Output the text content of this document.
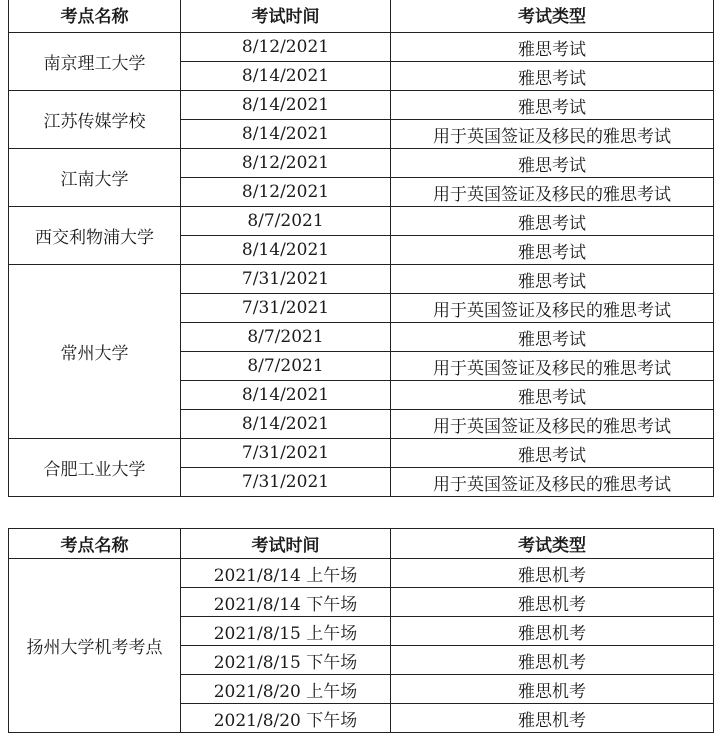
考点名称	考试时间	考试类型
南京理工大学	8/12/2021	雅思考试
	8/14/2021	雅思考试
江苏传媒学校	8/14/2021	雅思考试
	8/14/2021	用于英国签证及移民的雅思考试
江南大学	8/12/2021	雅思考试
	8/12/2021	用于英国签证及移民的雅思考试
西交利物浦大学	8/7/2021	雅思考试
	8/14/2021	雅思考试
常州大学	7/31/2021	雅思考试
	7/31/2021	用于英国签证及移民的雅思考试
	8/7/2021	雅思考试
	8/7/2021	用于英国签证及移民的雅思考试
	8/14/2021	雅思考试
	8/14/2021	用于英国签证及移民的雅思考试
合肥工业大学	7/31/2021	雅思考试
	7/31/2021	用于英国签证及移民的雅思考试
考点名称	考试时间	考试类型
扬州大学机考考点	2021/8/14 上午场	雅思机考
	2021/8/14 下午场	雅思机考
	2021/8/15 上午场	雅思机考
	2021/8/15 下午场	雅思机考
	2021/8/20 上午场	雅思机考
	2021/8/20 下午场	雅思机考
